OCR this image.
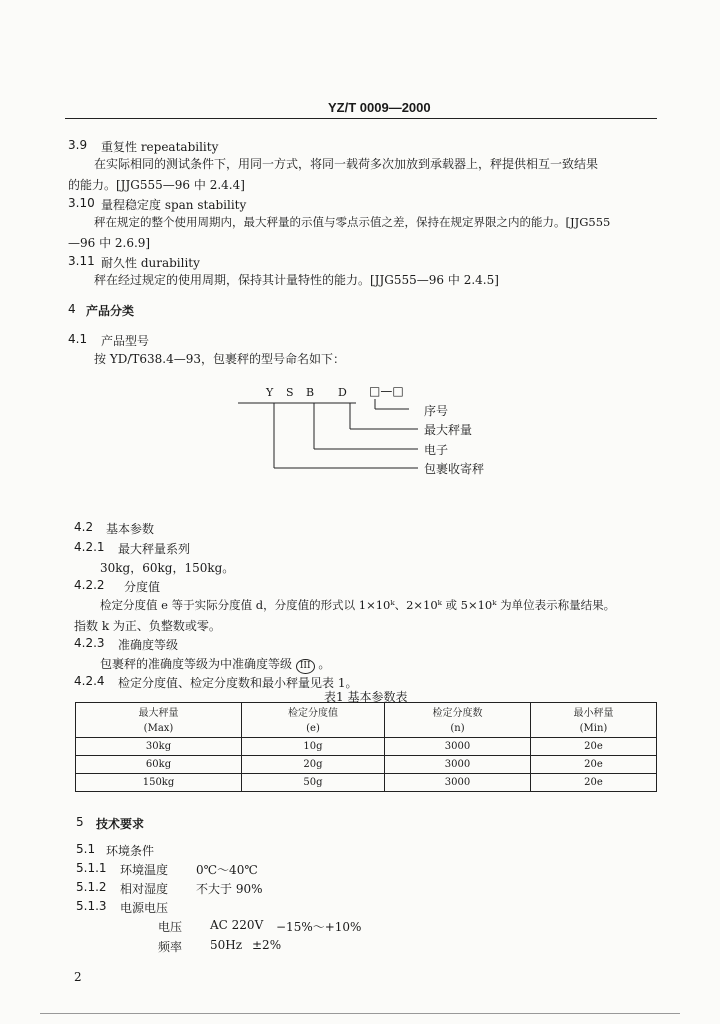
YZ/T 0009—2000
3.9 重复性 repeatability
在实际相同的测试条件下，用同一方式，将同一载荷多次加放到承载器上，秤提供相互一致结果
的能力。[JJG555—96 中 2.4.4]
3.10 量程稳定度 span stability
秤在规定的整个使用周期内，最大秤量的示值与零点示值之差，保持在规定界限之内的能力。[JJG555
—96 中 2.6.9]
3.11 耐久性 durability
秤在经过规定的使用周期，保持其计量特性的能力。[JJG555—96 中 2.4.5]
4 产品分类
4.1 产品型号
按 YD/T638.4—93，包裹秤的型号命名如下：
Y S B D □—□
序号
最大秤量
电子
包裹收寄秤
4.2 基本参数
4.2.1 最大秤量系列
30kg，60kg，150kg。
4.2.2 分度值
检定分度值 e 等于实际分度值 d，分度值的形式以 1×10ᵏ、2×10ᵏ 或 5×10ᵏ 为单位表示称量结果。
指数 k 为正、负整数或零。
4.2.3 准确度等级
包裹秤的准确度等级为中准确度等级 III 。
4.2.4 检定分度值、检定分度数和最小秤量见表 1。
表1 基本参数表
最大秤量	检定分度值	检定分度数	最小秤量
(Max)	(e)	(n)	(Min)
30kg	10g	3000	20e
60kg	20g	3000	20e
150kg	50g	3000	20e
5 技术要求
5.1 环境条件
5.1.1 环境温度 0℃～40℃
5.1.2 相对湿度 不大于 90%
5.1.3 电源电压
电压 AC 220V −15%～+10%
频率 50Hz ±2%
2
